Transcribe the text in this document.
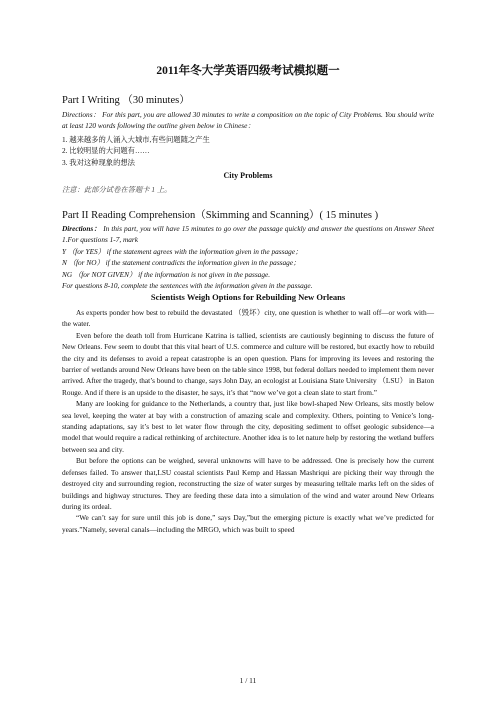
2011年冬大学英语四级考试模拟题一
Part I Writing （30 minutes）

Directions： For this part, you are allowed 30 minutes to write a composition on the topic of City Problems. You should write at least 120 words following the outline given below in Chinese：

1. 越来越多的人涌入大城市,有些问题随之产生

2. 比较明显的大问题有……

3. 我对这种现象的想法

City Problems
注意：此部分试卷在答题卡 1 上。
Part II Reading Comprehension（Skimming and Scanning）( 15 minutes )

Directions： In this part, you will have 15 minutes to go over the passage quickly and answer the questions on Answer Sheet 1.For questions 1-7, mark

Y （for YES） if the statement agrees with the information given in the passage；

N （for NO） if the statement contradicts the information given in the passage；

NG （for NOT GIVEN） if the information is not given in the passage.

For questions 8-10, complete the sentences with the information given in the passage.

Scientists Weigh Options for Rebuilding New Orleans

As experts ponder how best to rebuild the devastated （毁坏）city, one question is whether to wall off—or work with—the water.

Even before the death toll from Hurricane Katrina is tallied, scientists are cautiously beginning to discuss the future of New Orleans. Few seem to doubt that this vital heart of U.S. commerce and culture will be restored, but exactly how to rebuild the city and its defenses to avoid a repeat catastrophe is an open question. Plans for improving its levees and restoring the barrier of wetlands around New Orleans have been on the table since 1998, but federal dollars needed to implement them never arrived. After the tragedy, that’s bound to change, says John Day, an ecologist at Louisiana State University （LSU） in Baton Rouge. And if there is an upside to the disaster, he says, it’s that “now we’ve got a clean slate to start from.”

Many are looking for guidance to the Netherlands, a country that, just like bowl-shaped New Orleans, sits mostly below sea level, keeping the water at bay with a construction of amazing scale and complexity. Others, pointing to Venice’s long-standing adaptations, say it’s best to let water flow through the city, depositing sediment to offset geologic subsidence—a model that would require a radical rethinking of architecture. Another idea is to let nature help by restoring the wetland buffers between sea and city.

But before the options can be weighed, several unknowns will have to be addressed. One is precisely how the current defenses failed. To answer that,LSU coastal scientists Paul Kemp and Hassan Mashriqui are picking their way through the destroyed city and surrounding region, reconstructing the size of water surges by measuring telltale marks left on the sides of buildings and highway structures. They are feeding these data into a simulation of the wind and water around New Orleans during its ordeal.

“We can’t say for sure until this job is done,” says Day,”but the emerging picture is exactly what we’ve predicted for years.”Namely, several canals—including the MRGO, which was built to speed

1 / 11
